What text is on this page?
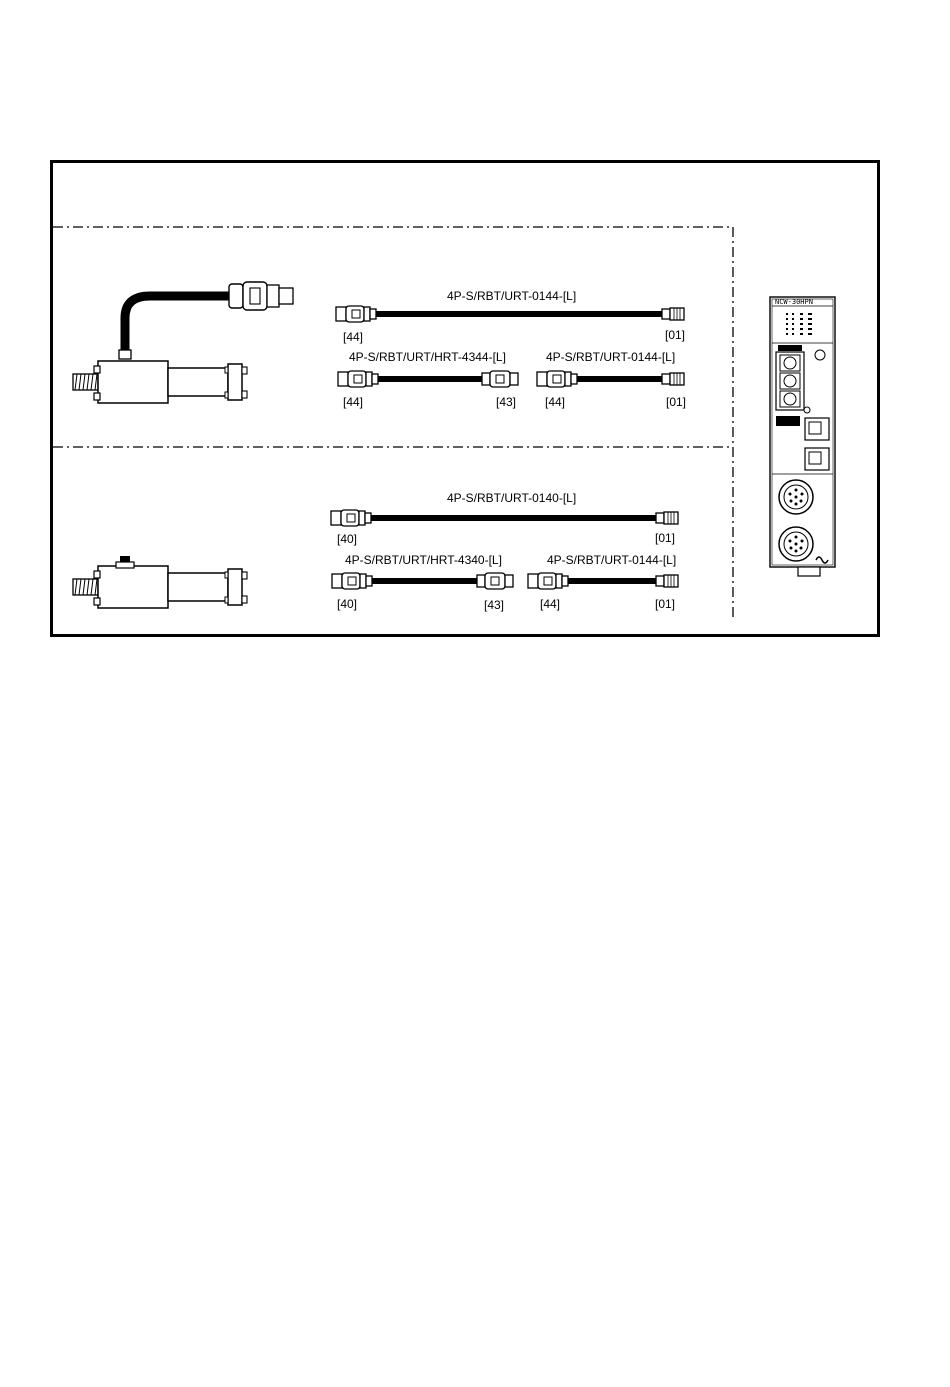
4P-S/RBT/URT-0144-[L]
[44]	[01]
4P-S/RBT/URT/HRT-4344-[L]
[44]	[43]
4P-S/RBT/URT-0144-[L]
[44]	[01]
4P-S/RBT/URT-0140-[L]
[40]	[01]
4P-S/RBT/URT/HRT-4340-[L]
[40]	[43]
4P-S/RBT/URT-0144-[L]
[44]	[01]
NCW-30HPN
